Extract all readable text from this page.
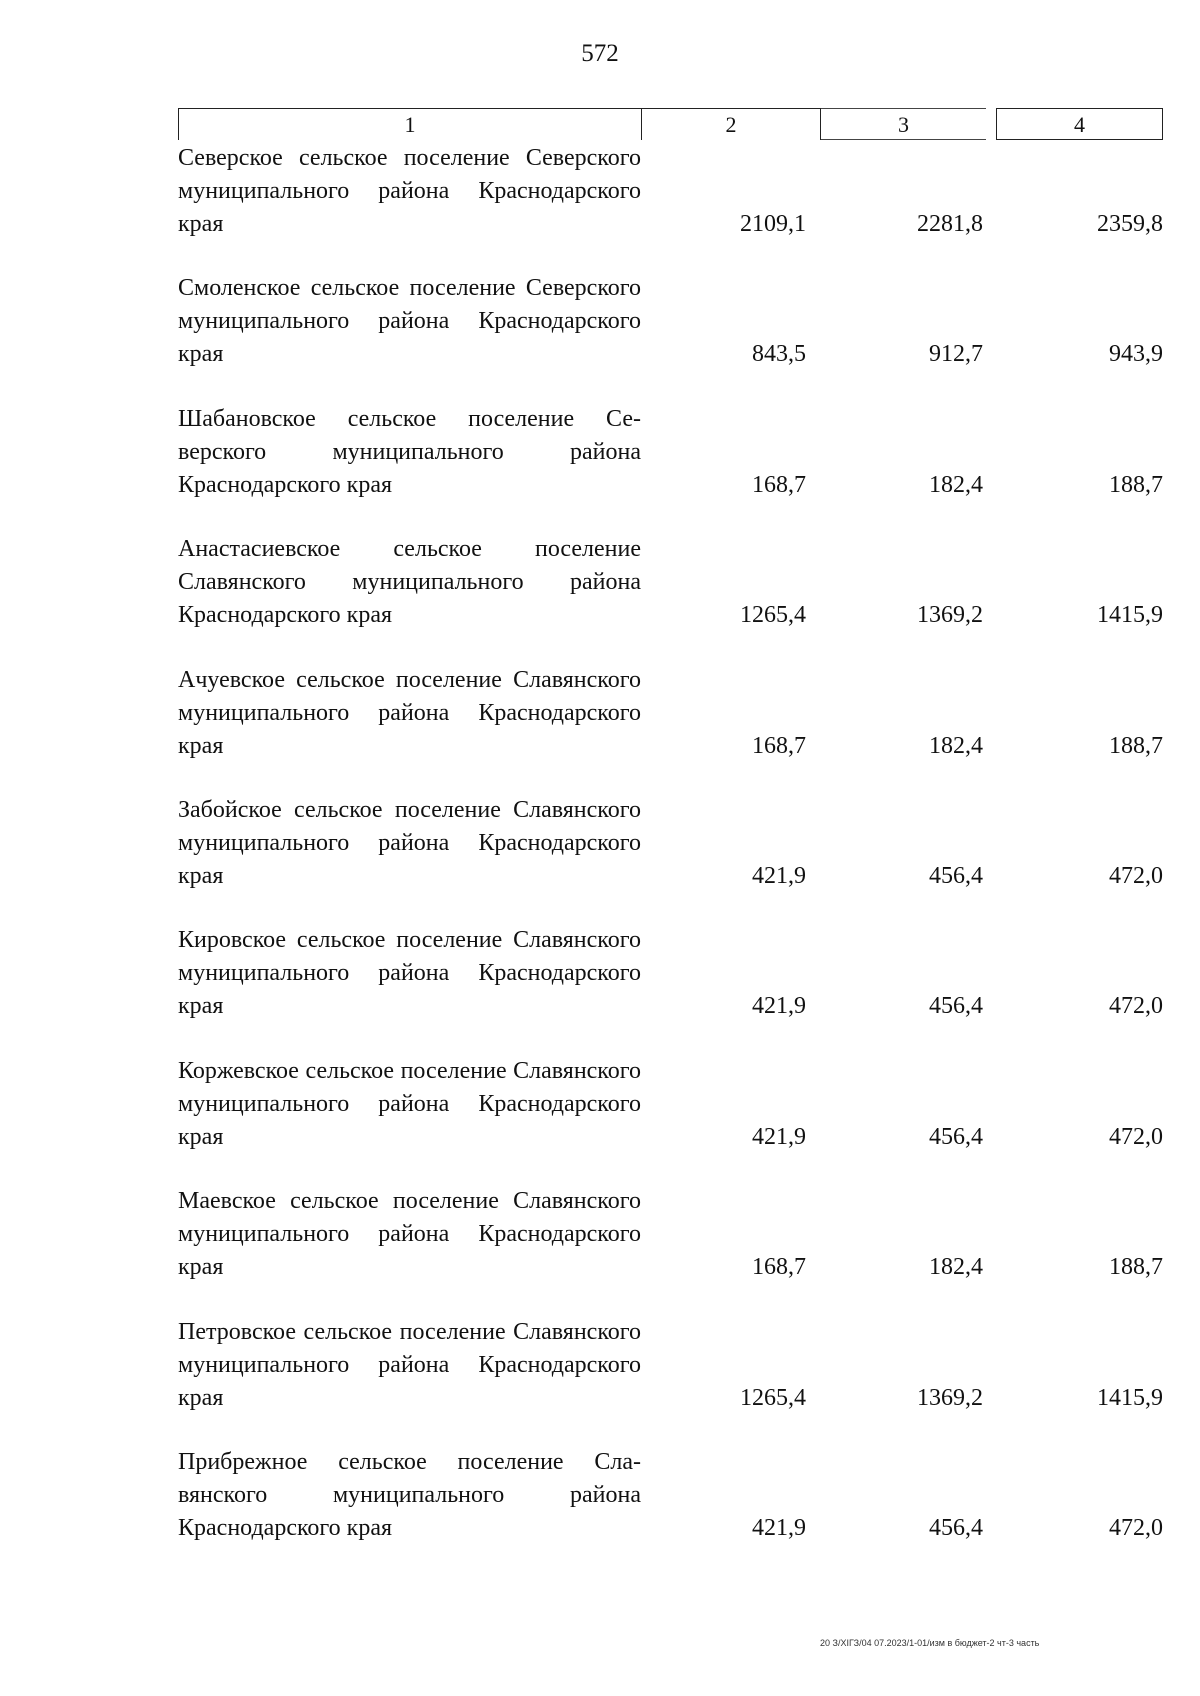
572
1	2	3	4
Северское сельское поселение Северского муниципального района Краснодарского края	2109,1	2281,8	2359,8
Смоленское сельское поселение Северского муниципального района Краснодарского края	843,5	912,7	943,9
Шабановское сельское поселение Северского муниципального района Краснодарского края	168,7	182,4	188,7
Анастасиевское сельское поселение Славянского муниципального района Краснодарского края	1265,4	1369,2	1415,9
Ачуевское сельское поселение Славянского муниципального района Краснодарского края	168,7	182,4	188,7
Забойское сельское поселение Славянского муниципального района Краснодарского края	421,9	456,4	472,0
Кировское сельское поселение Славянского муниципального района Краснодарского края	421,9	456,4	472,0
Коржевское сельское поселение Славянского муниципального района Краснодарского края	421,9	456,4	472,0
Маевское сельское поселение Славянского муниципального района Краснодарского края	168,7	182,4	188,7
Петровское сельское поселение Славянского муниципального района Краснодарского края	1265,4	1369,2	1415,9
Прибрежное сельское поселение Славянского муниципального района Краснодарского края	421,9	456,4	472,0
20 З/ХІГЗ/04 07.2023/1-01/изм в бюджет-2 чт-3 часть
